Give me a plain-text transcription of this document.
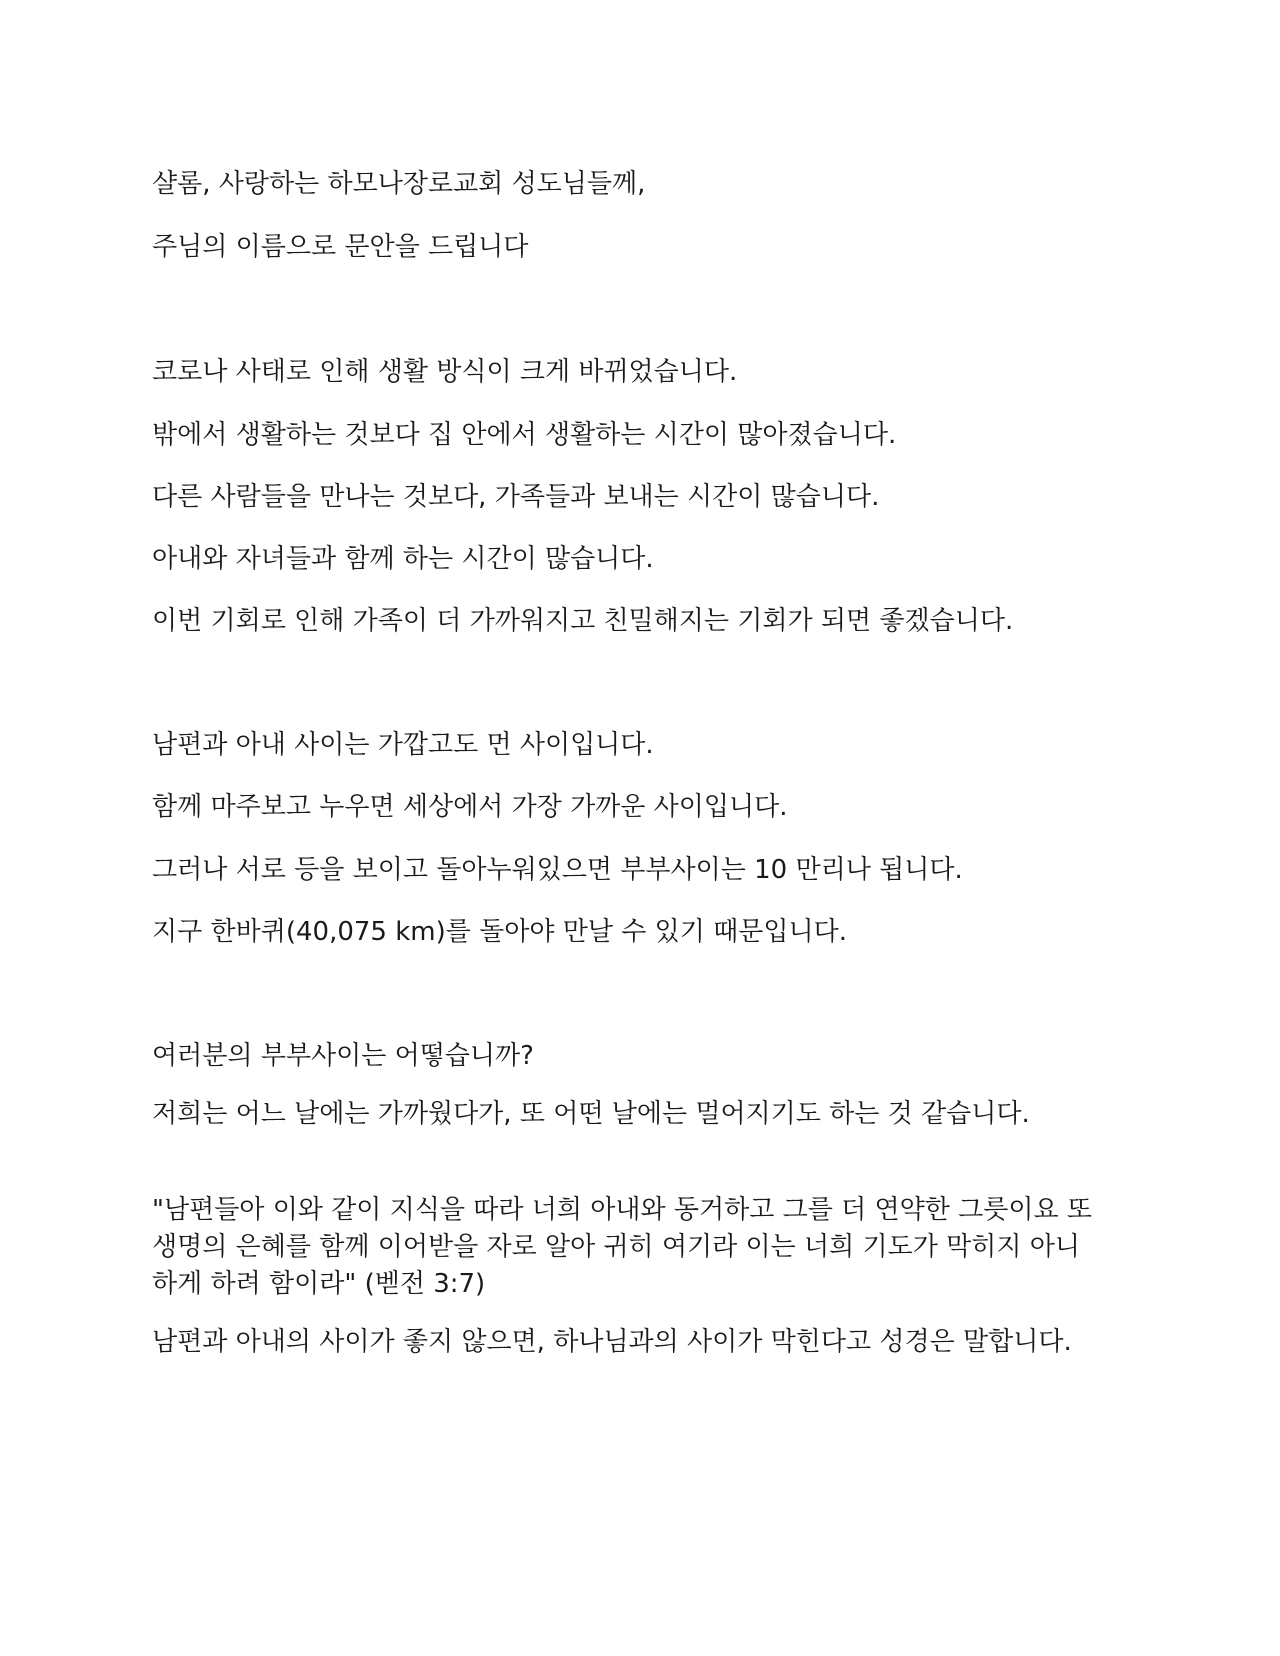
샬롬, 사랑하는 하모나장로교회 성도님들께,

주님의 이름으로 문안을 드립니다

코로나 사태로 인해 생활 방식이 크게 바뀌었습니다.

밖에서 생활하는 것보다 집 안에서 생활하는 시간이 많아졌습니다.

다른 사람들을 만나는 것보다, 가족들과 보내는 시간이 많습니다.

아내와 자녀들과 함께 하는 시간이 많습니다.

이번 기회로 인해 가족이 더 가까워지고 친밀해지는 기회가 되면 좋겠습니다.

남편과 아내 사이는 가깝고도 먼 사이입니다.

함께 마주보고 누우면 세상에서 가장 가까운 사이입니다.

그러나 서로 등을 보이고 돌아누워있으면 부부사이는 10 만리나 됩니다.

지구 한바퀴(40,075 km)를 돌아야 만날 수 있기 때문입니다.

여러분의 부부사이는 어떻습니까?

저희는 어느 날에는 가까웠다가, 또 어떤 날에는 멀어지기도 하는 것 같습니다.

"남편들아 이와 같이 지식을 따라 너희 아내와 동거하고 그를 더 연약한 그릇이요 또 생명의 은혜를 함께 이어받을 자로 알아 귀히 여기라 이는 너희 기도가 막히지 아니하게 하려 함이라" (벧전 3:7)

남편과 아내의 사이가 좋지 않으면, 하나님과의 사이가 막힌다고 성경은 말합니다.
